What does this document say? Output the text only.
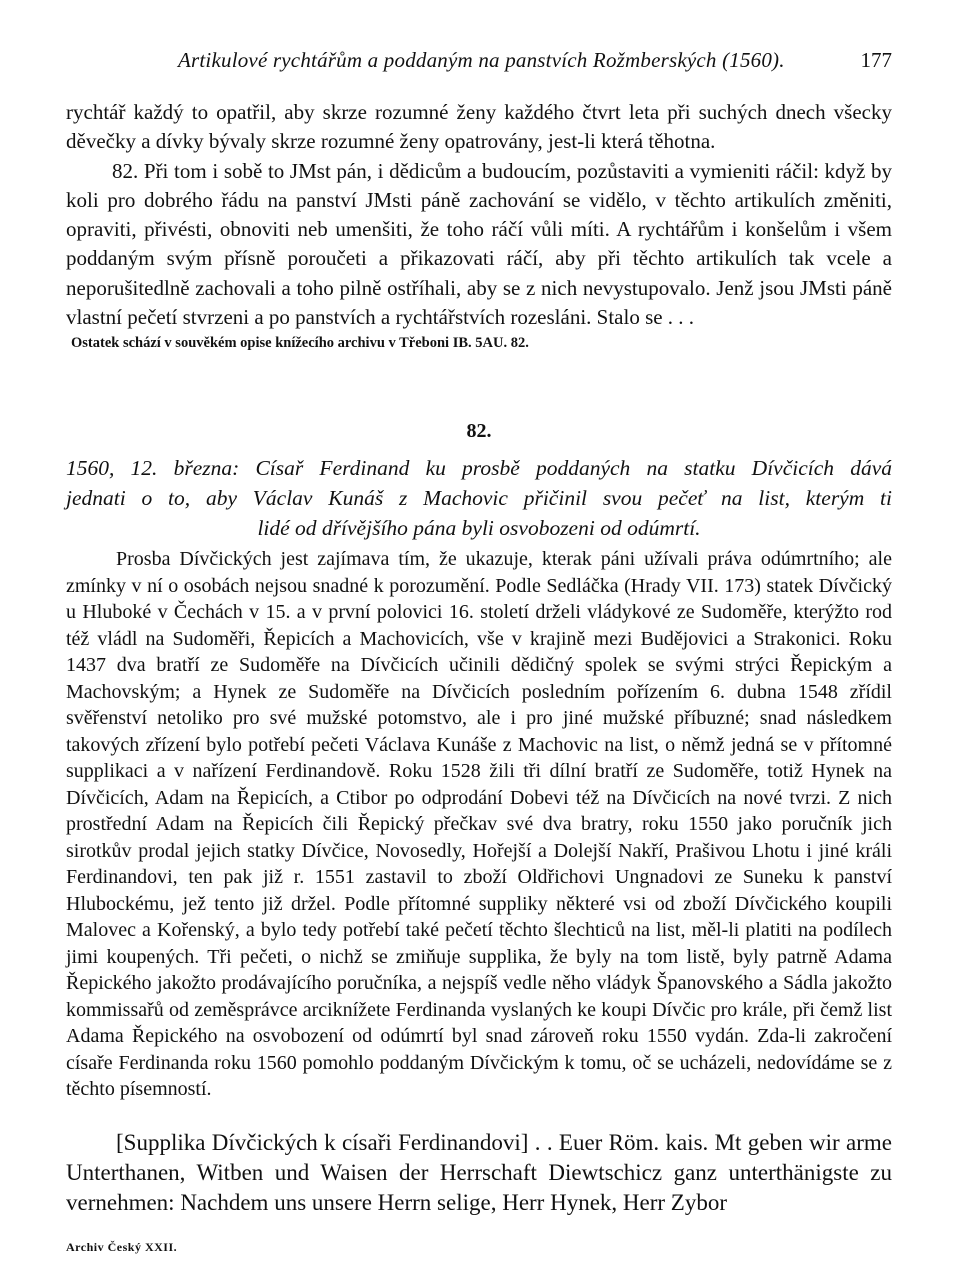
Artikulové rychtářům a poddaným na panstvích Rožmberských (1560).	177

rychtář každý to opatřil, aby skrze rozumné ženy každého čtvrt leta při suchých dnech všecky děvečky a dívky bývaly skrze rozumné ženy opatrovány, jest-li která těhotna.

82. Při tom i sobě to JMst pán, i dědicům a budoucím, pozůstaviti a vymieniti ráčil: když by koli pro dobrého řádu na panství JMsti páně zachování se vidělo, v těchto artikulích změniti, opraviti, přivésti, obnoviti neb umenšiti, že toho ráčí vůli míti. A rychtářům i konšelům i všem poddaným svým přísně poroučeti a přikazovati ráčí, aby při těchto artikulích tak vcele a neporušitedlně zachovali a toho pilně ostříhali, aby se z nich nevystupovalo. Jenž jsou JMsti páně vlastní pečetí stvrzeni a po panstvích a rychtářstvích rozesláni. Stalo se . . .

Ostatek schází v souvěkém opise knížecího archivu v Třeboni IB. 5AU. 82.

82.
1560, 12. března: Císař Ferdinand ku prosbě poddaných na statku Dívčicích dává
jednati o to, aby Václav Kunáš z Machovic přičinil svou pečeť na list, kterým ti
lidé od dřívějšího pána byli osvobozeni od odúmrtí.

Prosba Dívčických jest zajímava tím, že ukazuje, kterak páni užívali práva odúmrtního; ale zmínky v ní o osobách nejsou snadné k porozumění. Podle Sedláčka (Hrady VII. 173) statek Dívčický u Hluboké v Čechách v 15. a v první polovici 16. století drželi vládykové ze Sudoměře, kterýžto rod též vládl na Sudoměři, Řepicích a Machovicích, vše v krajině mezi Budějovici a Strakonici. Roku 1437 dva bratří ze Sudoměře na Dívčicích učinili dědičný spolek se svými strýci Řepickým a Machovským; a Hynek ze Sudoměře na Dívčicích posledním pořízením 6. dubna 1548 zřídil svěřenství netoliko pro své mužské potomstvo, ale i pro jiné mužské příbuzné; snad následkem takových zřízení bylo potřebí pečeti Václava Kunáše z Machovic na list, o němž jedná se v přítomné supplikaci a v nařízení Ferdinandově. Roku 1528 žili tři dílní bratří ze Sudoměře, totiž Hynek na Dívčicích, Adam na Řepicích, a Ctibor po odprodání Dobevi též na Dívčicích na nové tvrzi. Z nich prostřední Adam na Řepicích čili Řepický přečkav své dva bratry, roku 1550 jako poručník jich sirotkův prodal jejich statky Dívčice, Novosedly, Hořejší a Dolejší Nakří, Prašivou Lhotu i jiné králi Ferdinandovi, ten pak již r. 1551 zastavil to zboží Oldřichovi Ungnadovi ze Suneku k panství Hlubockému, jež tento již držel. Podle přítomné suppliky některé vsi od zboží Dívčického koupili Malovec a Kořenský, a bylo tedy potřebí také pečetí těchto šlechticů na list, měl-li platiti na podílech jimi koupených. Tři pečeti, o nichž se zmiňuje supplika, že byly na tom listě, byly patrně Adama Řepického jakožto prodávajícího poručníka, a nejspíš vedle něho vládyk Španovského a Sádla jakožto kommissařů od zeměsprávce arciknížete Ferdinanda vyslaných ke koupi Dívčic pro krále, při čemž list Adama Řepického na osvobození od odúmrtí byl snad zároveň roku 1550 vydán. Zda-li zakročení císaře Ferdinanda roku 1560 pomohlo poddaným Dívčickým k tomu, oč se ucházeli, nedovídáme se z těchto písemností.

[Supplika Dívčických k císaři Ferdinandovi] . . Euer Röm. kais. Mt geben wir arme Unterthanen, Witben und Waisen der Herrschaft Diewtschicz ganz unterthänigste zu vernehmen: Nachdem uns unsere Herrn selige, Herr Hynek, Herr Zybor

Archiv Český XXII.
